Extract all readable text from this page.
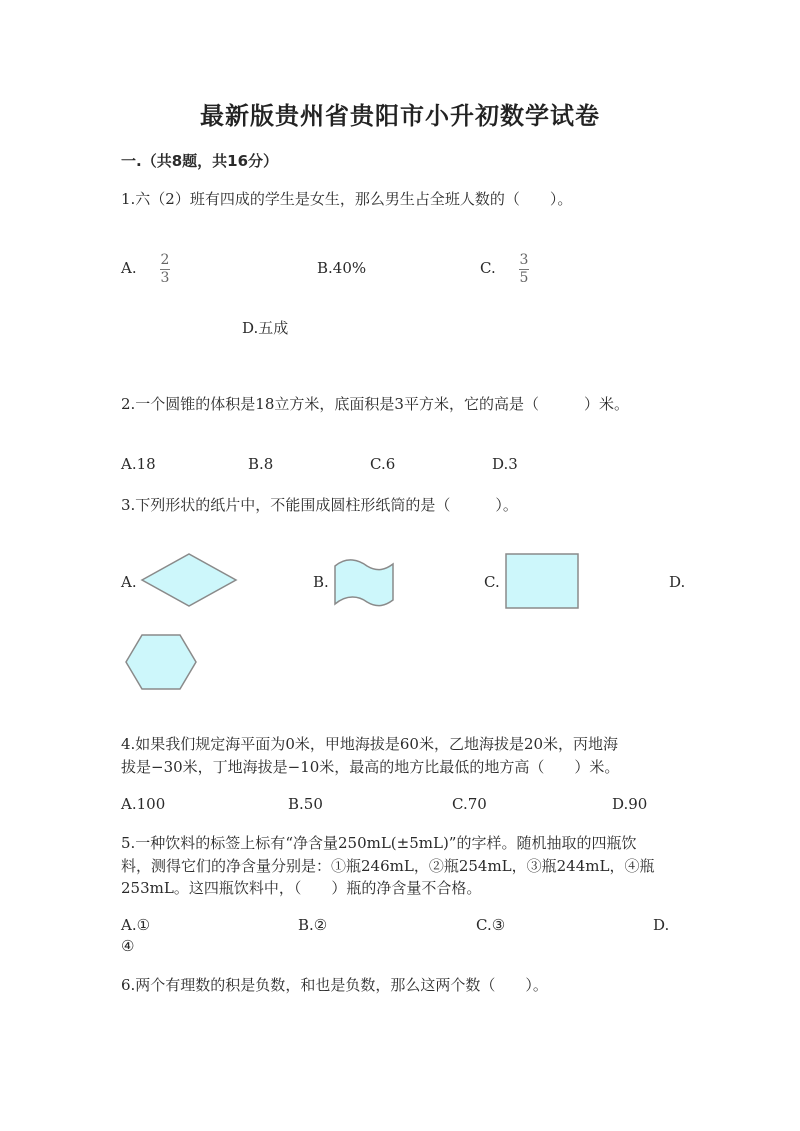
最新版贵州省贵阳市小升初数学试卷
一.（共8题，共16分）
1.六（2）班有四成的学生是女生，那么男生占全班人数的（　　）。
A. 2
3
B.40%	C. 3
5
D.五成
2.一个圆锥的体积是18立方米，底面积是3平方米，它的高是（　　　）米。
A.18	B.8	C.6	D.3
3.下列形状的纸片中，不能围成圆柱形纸筒的是（　　　）。
A.	B.	C.	D.
4.如果我们规定海平面为0米，甲地海拔是60米，乙地海拔是20米，丙地海
拔是−30米，丁地海拔是−10米，最高的地方比最低的地方高（　　）米。
A.100	B.50	C.70	D.90
5.一种饮料的标签上标有“净含量250mL(±5mL)”的字样。随机抽取的四瓶饮
料，测得它们的净含量分别是：①瓶246mL，②瓶254mL，③瓶244mL，④瓶
253mL。这四瓶饮料中，（　　）瓶的净含量不合格。
A.①	B.②	C.③	D.
④
6.两个有理数的积是负数，和也是负数，那么这两个数（　　）。
